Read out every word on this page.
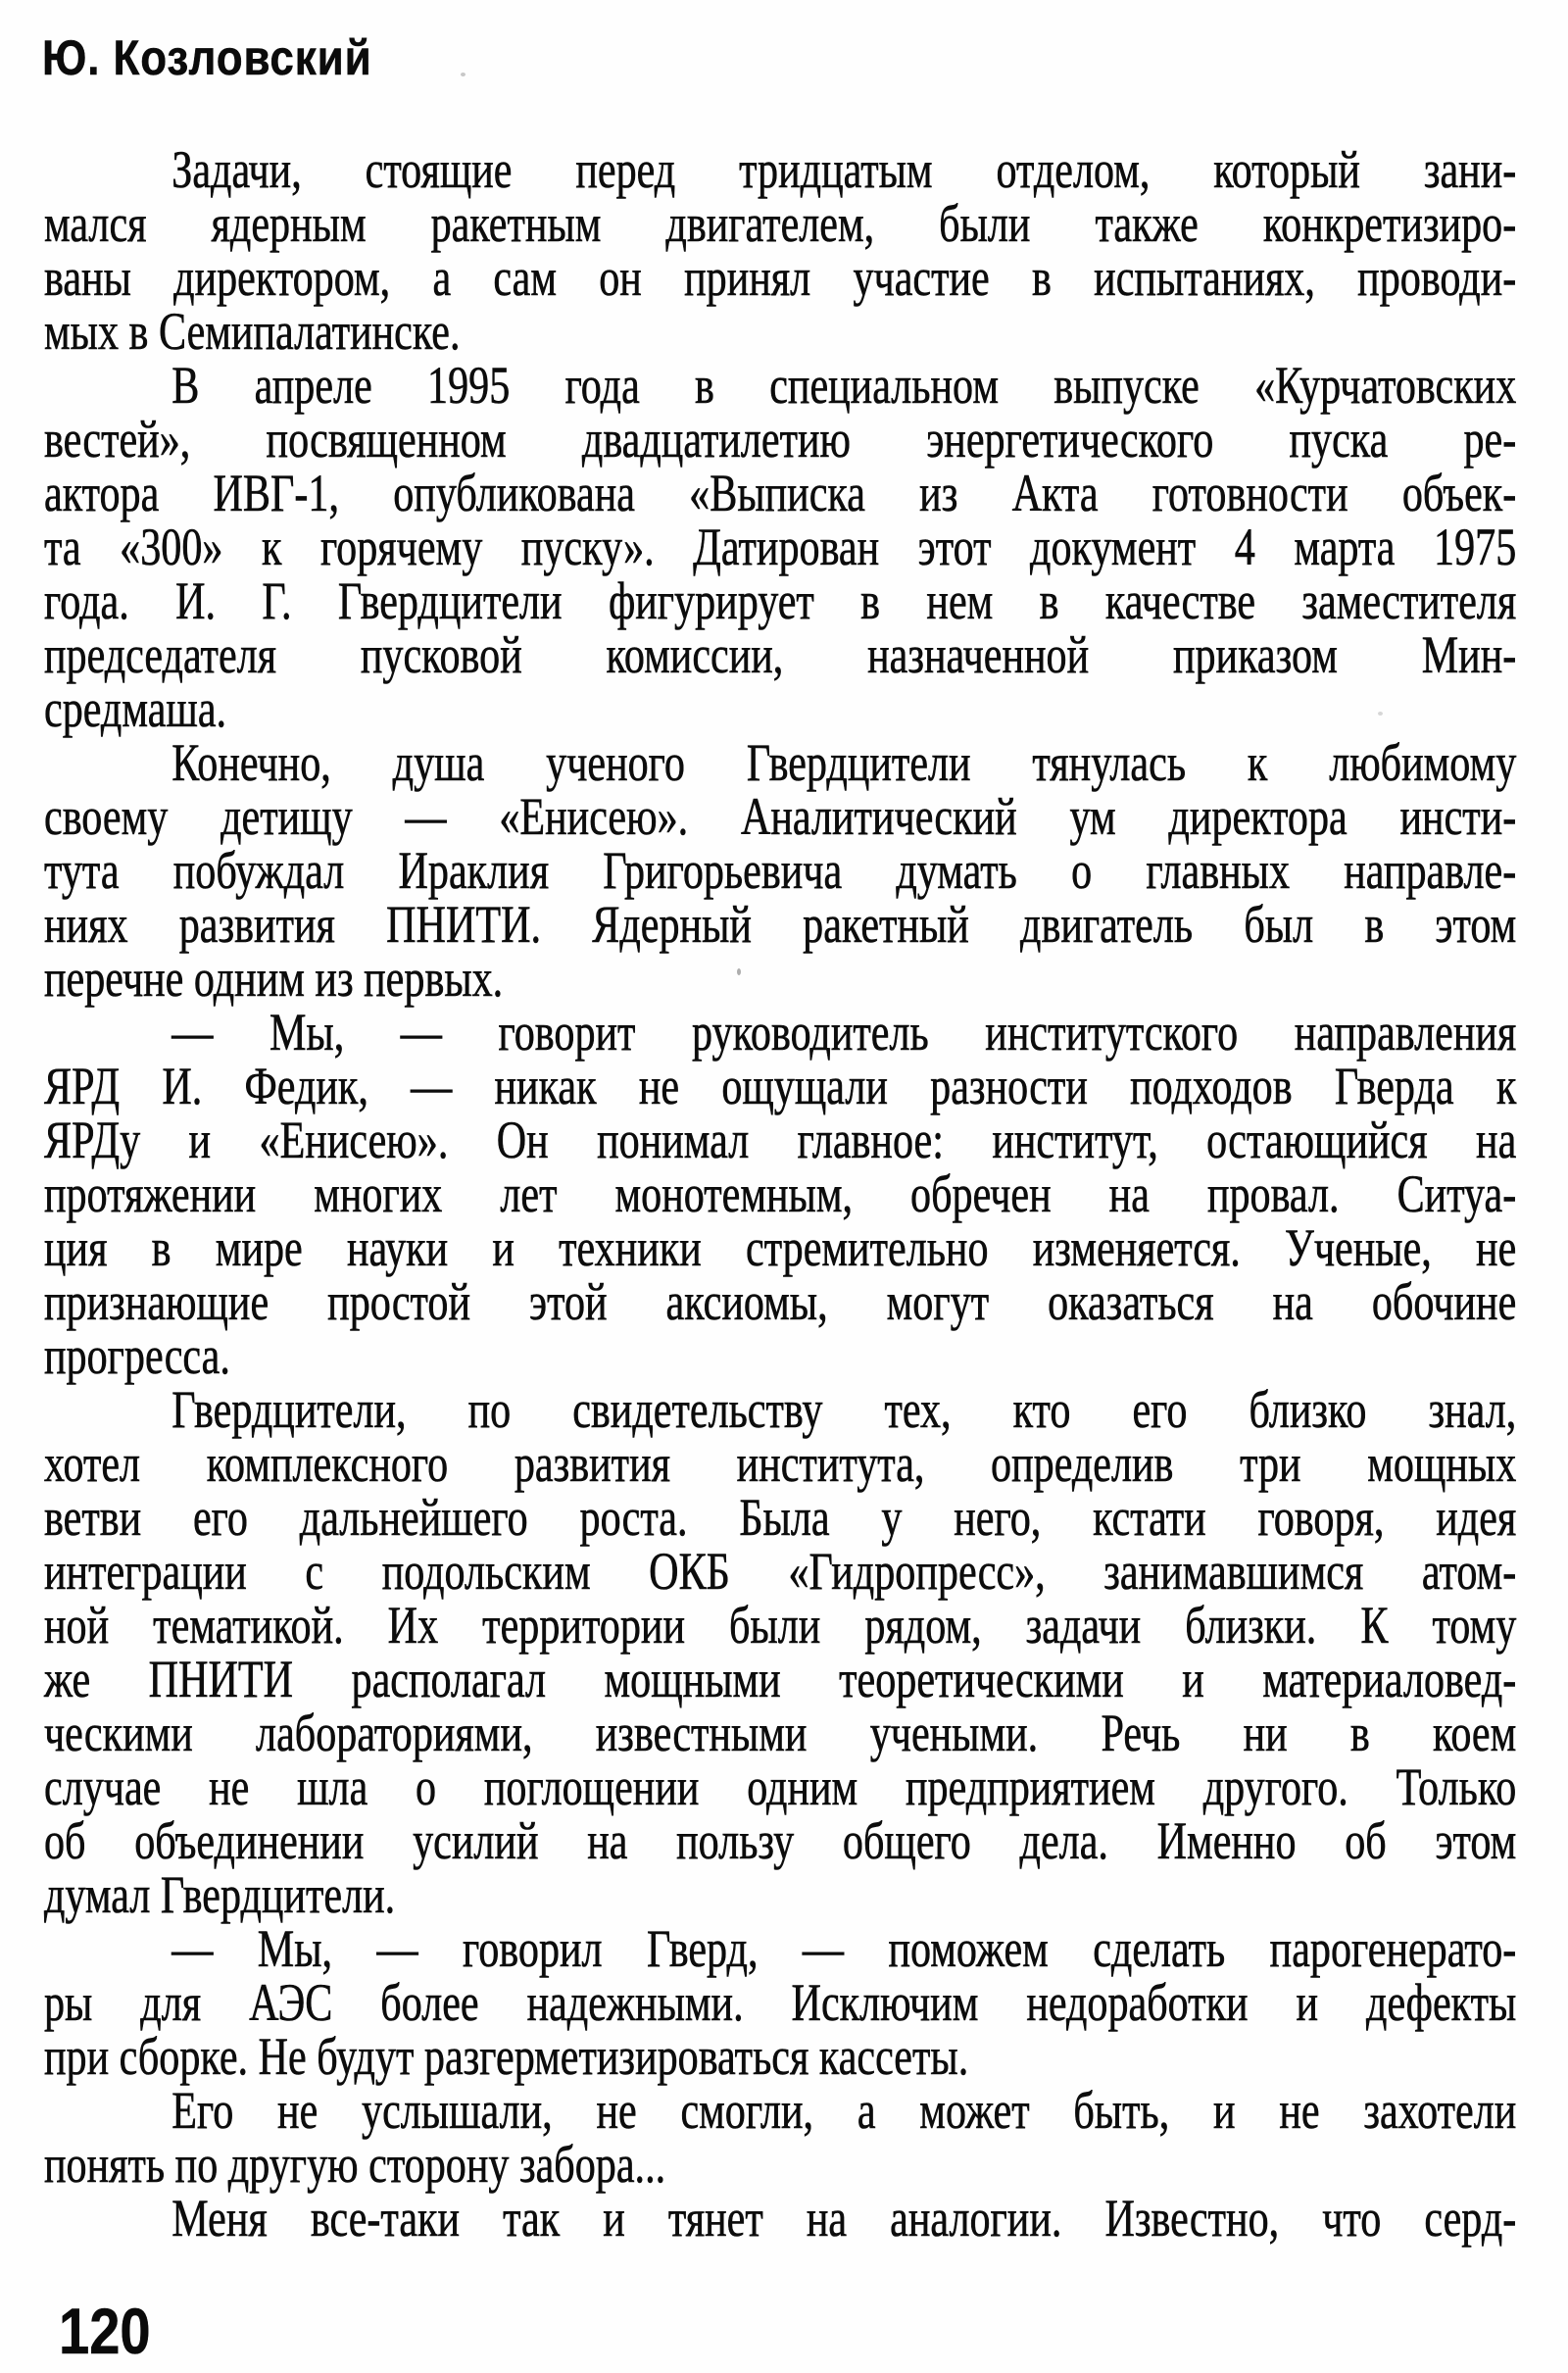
Ю. Козловский

Задачи, стоящие перед тридцатым отделом, который зани-
мался ядерным ракетным двигателем, были также конкретизиро-
ваны директором, а сам он принял участие в испытаниях, проводи-
мых в Семипалатинске.

В апреле 1995 года в специальном выпуске «Курчатовских
вестей», посвященном двадцатилетию энергетического пуска ре-
актора ИВГ-1, опубликована «Выписка из Акта готовности объек-
та «300» к горячему пуску». Датирован этот документ 4 марта 1975
года. И. Г. Гвердцители фигурирует в нем в качестве заместителя
председателя пусковой комиссии, назначенной приказом Мин-
средмаша.

Конечно, душа ученого Гвердцители тянулась к любимому
своему детищу — «Енисею». Аналитический ум директора инсти-
тута побуждал Ираклия Григорьевича думать о главных направле-
ниях развития ПНИТИ. Ядерный ракетный двигатель был в этом
перечне одним из первых.

— Мы, — говорит руководитель институтского направления
ЯРД И. Федик, — никак не ощущали разности подходов Гверда к
ЯРДу и «Енисею». Он понимал главное: институт, остающийся на
протяжении многих лет монотемным, обречен на провал. Ситуа-
ция в мире науки и техники стремительно изменяется. Ученые, не
признающие простой этой аксиомы, могут оказаться на обочине
прогресса.

Гвердцители, по свидетельству тех, кто его близко знал,
хотел комплексного развития института, определив три мощных
ветви его дальнейшего роста. Была у него, кстати говоря, идея
интеграции с подольским ОКБ «Гидропресс», занимавшимся атом-
ной тематикой. Их территории были рядом, задачи близки. К тому
же ПНИТИ располагал мощными теоретическими и материаловед-
ческими лабораториями, известными учеными. Речь ни в коем
случае не шла о поглощении одним предприятием другого. Только
об объединении усилий на пользу общего дела. Именно об этом
думал Гвердцители.

— Мы, — говорил Гверд, — поможем сделать парогенерато-
ры для АЭС более надежными. Исключим недоработки и дефекты
при сборке. Не будут разгерметизироваться кассеты.

Его не услышали, не смогли, а может быть, и не захотели
понять по другую сторону забора...

Меня все-таки так и тянет на аналогии. Известно, что серд-

120
